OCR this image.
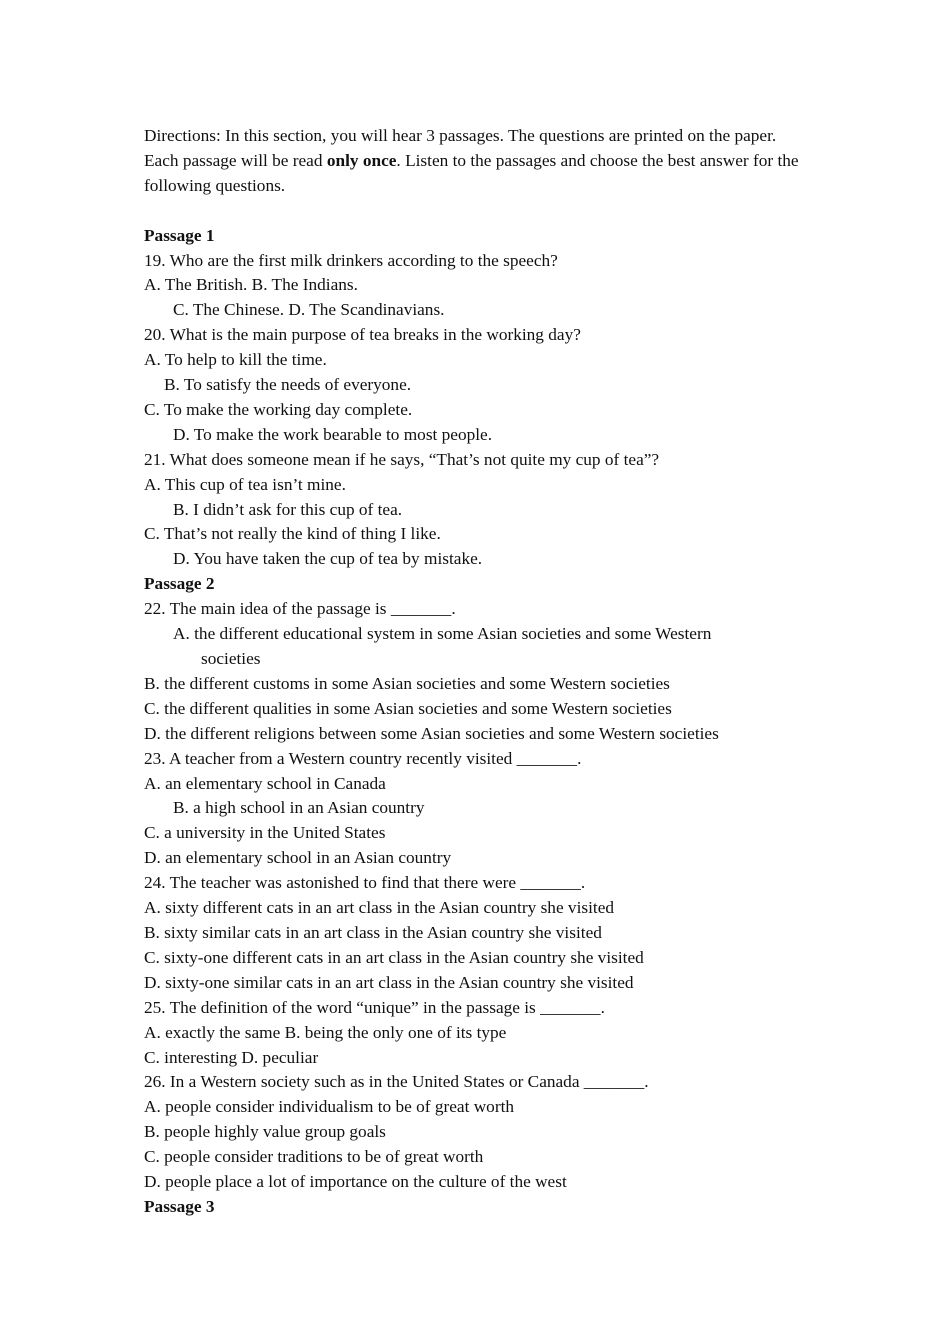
Directions: In this section, you will hear 3 passages. The questions are printed on the paper. Each passage will be read only once. Listen to the passages and choose the best answer for the following questions.

Passage 1
19. Who are the first milk drinkers according to the speech?
A. The British. B. The Indians.
C. The Chinese. D. The Scandinavians.
20. What is the main purpose of tea breaks in the working day?
A. To help to kill the time.
B. To satisfy the needs of everyone.
C. To make the working day complete.
D. To make the work bearable to most people.
21. What does someone mean if he says, “That’s not quite my cup of tea”?
A. This cup of tea isn’t mine.
B. I didn’t ask for this cup of tea.
C. That’s not really the kind of thing I like.
D. You have taken the cup of tea by mistake.
Passage 2
22. The main idea of the passage is _______.
A. the different educational system in some Asian societies and some Western
societies
B. the different customs in some Asian societies and some Western societies
C. the different qualities in some Asian societies and some Western societies
D. the different religions between some Asian societies and some Western societies
23. A teacher from a Western country recently visited _______.
A. an elementary school in Canada
B. a high school in an Asian country
C. a university in the United States
D. an elementary school in an Asian country
24. The teacher was astonished to find that there were _______.
A. sixty different cats in an art class in the Asian country she visited
B. sixty similar cats in an art class in the Asian country she visited
C. sixty-one different cats in an art class in the Asian country she visited
D. sixty-one similar cats in an art class in the Asian country she visited
25. The definition of the word “unique” in the passage is _______.
A. exactly the same B. being the only one of its type
C. interesting D. peculiar
26. In a Western society such as in the United States or Canada _______.
A. people consider individualism to be of great worth
B. people highly value group goals
C. people consider traditions to be of great worth
D. people place a lot of importance on the culture of the west
Passage 3
